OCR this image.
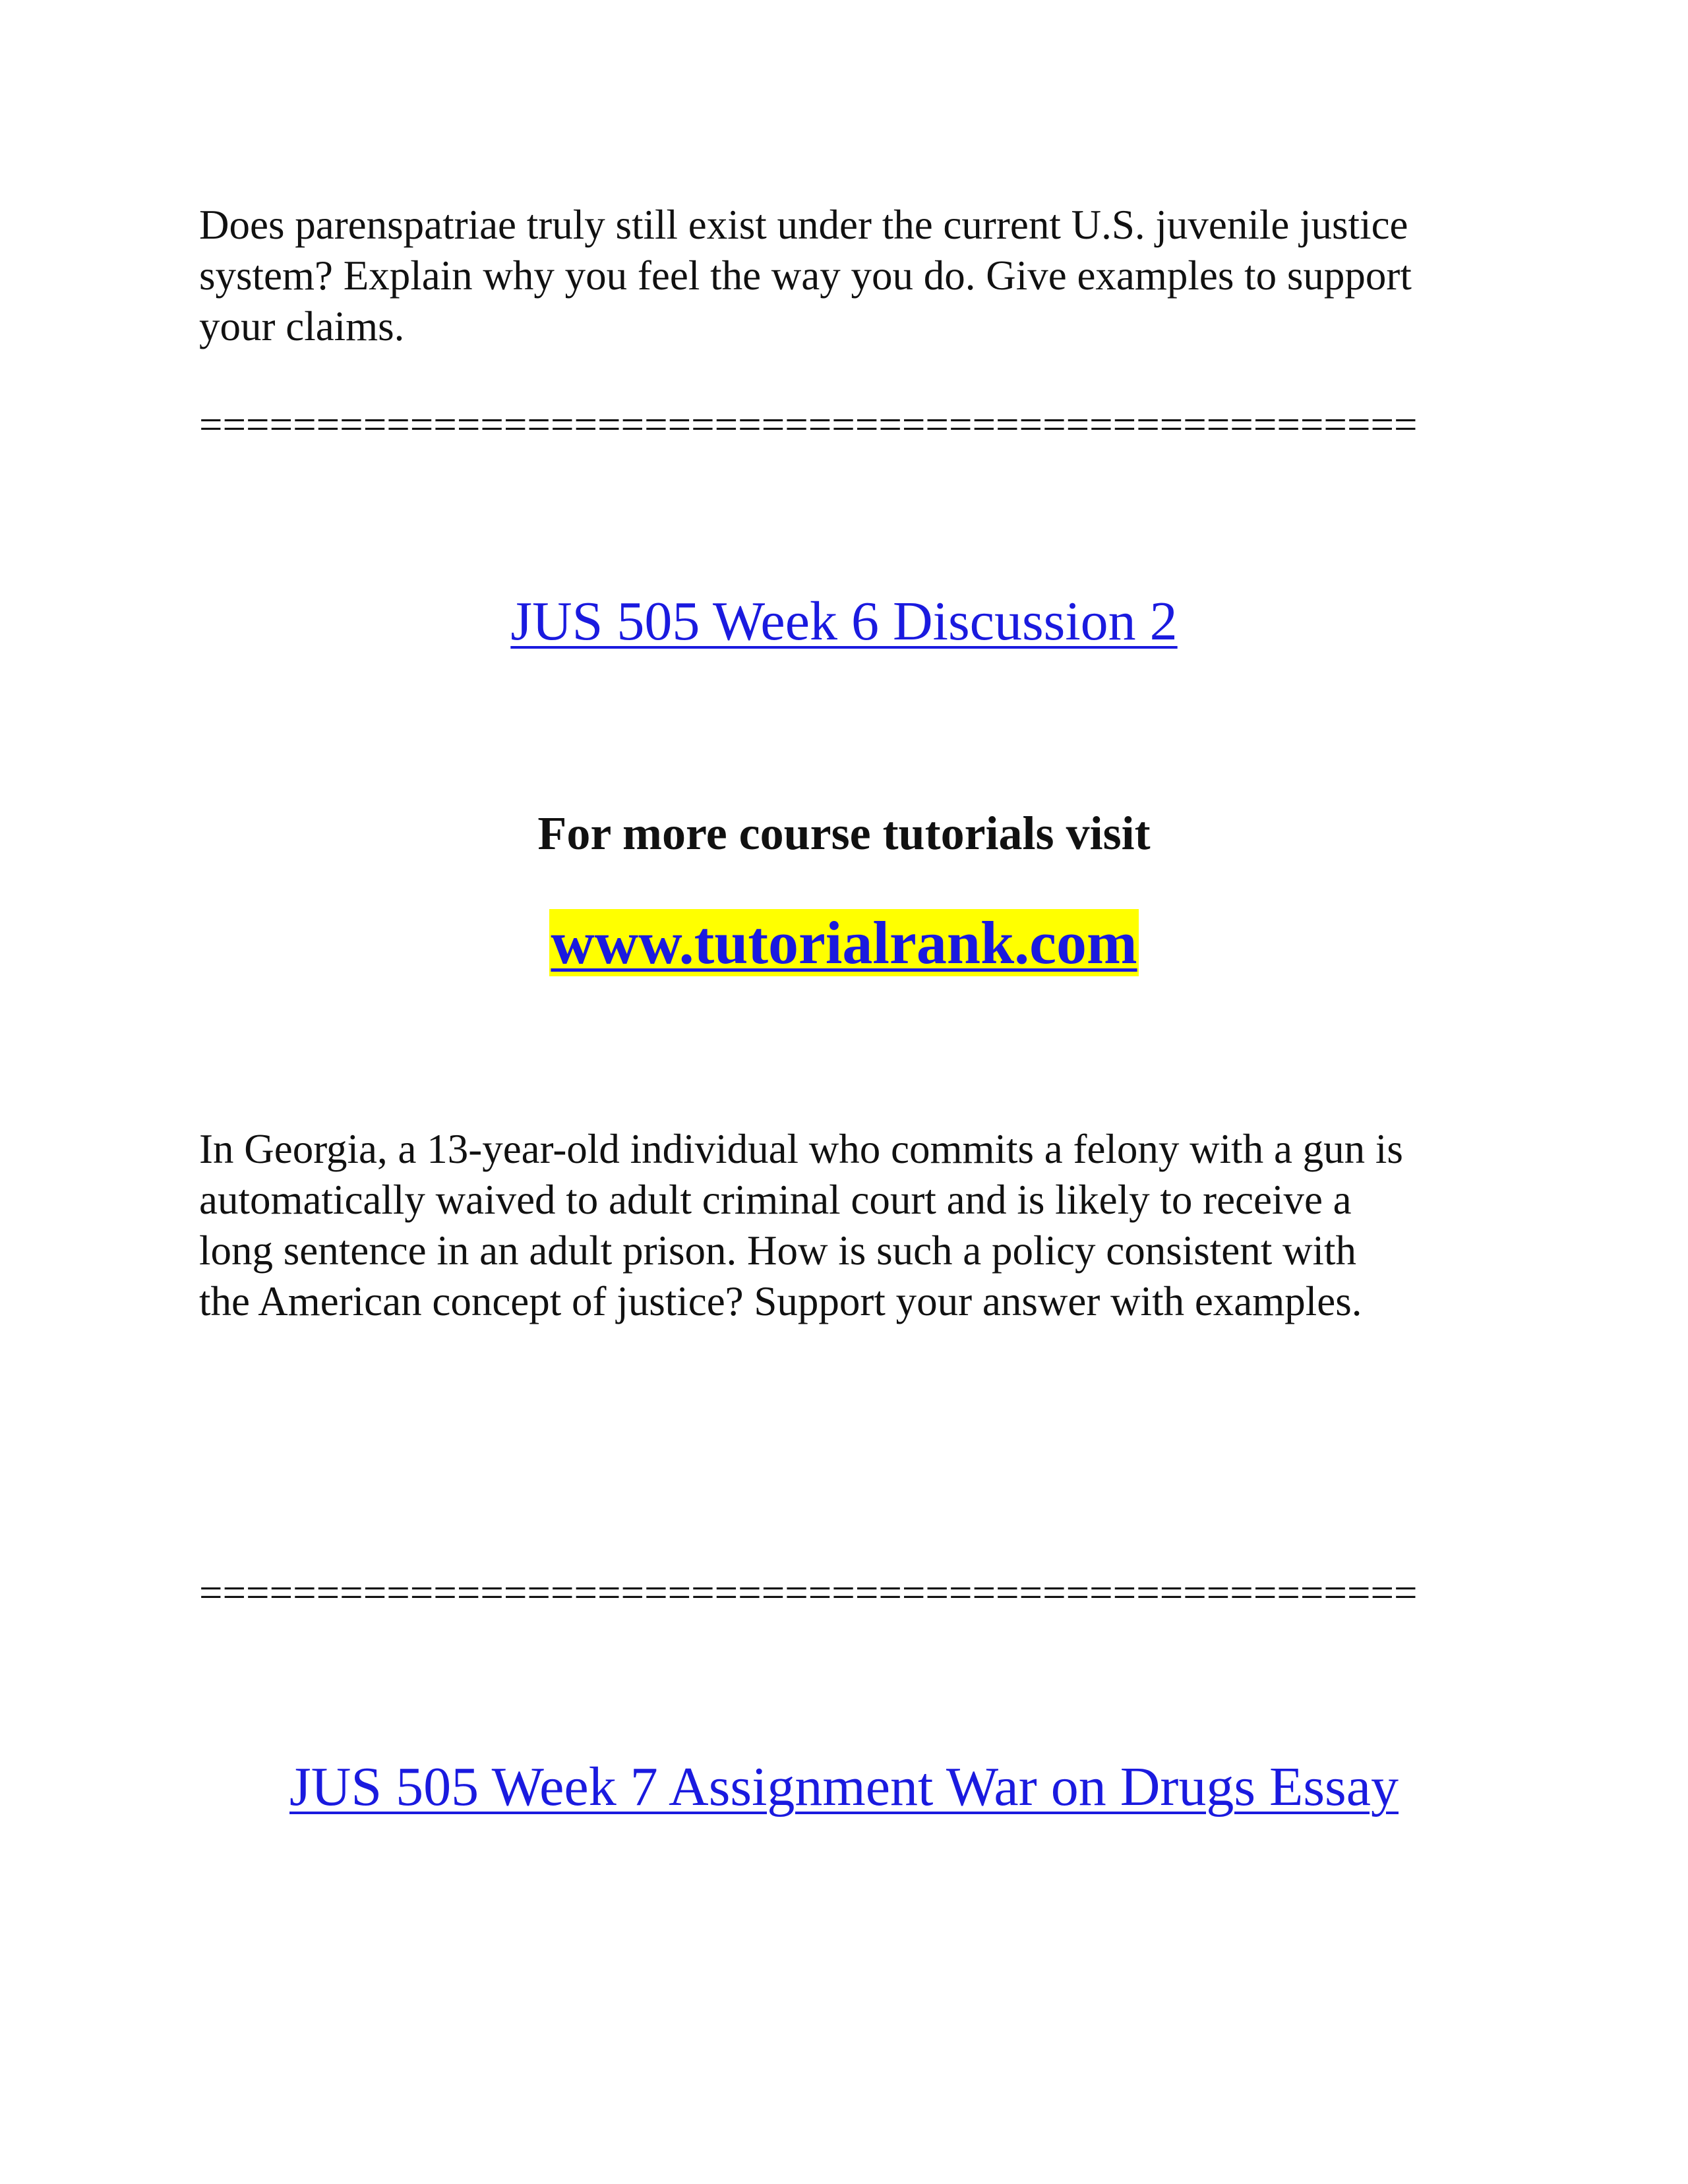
Does parenspatriae truly still exist under the current U.S. juvenile justice
system? Explain why you feel the way you do. Give examples to support
your claims.

====================================================
JUS 505 Week 6 Discussion 2
For more course tutorials visit
www.tutorialrank.com

In Georgia, a 13-year-old individual who commits a felony with a gun is
automatically waived to adult criminal court and is likely to receive a
long sentence in an adult prison. How is such a policy consistent with
the American concept of justice? Support your answer with examples.

====================================================
JUS 505 Week 7 Assignment War on Drugs Essay
